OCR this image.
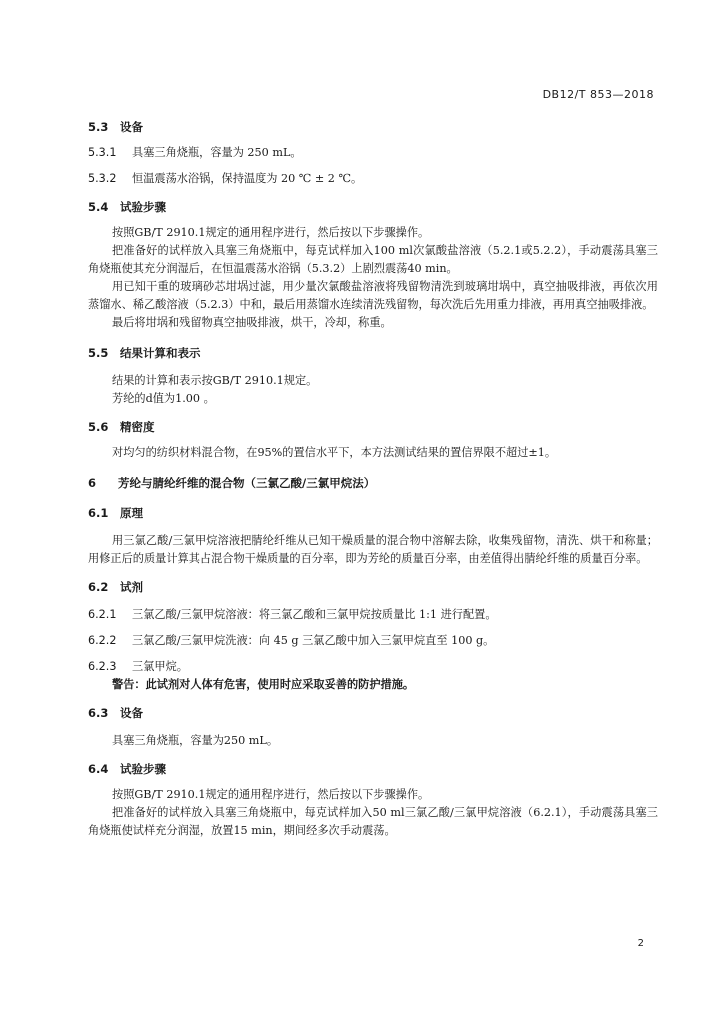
DB12/T 853—2018

5.3 设备

5.3.1 具塞三角烧瓶，容量为 250 mL。

5.3.2 恒温震荡水浴锅，保持温度为 20 ℃ ± 2 ℃。

5.4 试验步骤

按照GB/T 2910.1规定的通用程序进行，然后按以下步骤操作。

把准备好的试样放入具塞三角烧瓶中，每克试样加入100 ml次氯酸盐溶液（5.2.1或5.2.2），手动震荡具塞三角烧瓶使其充分润湿后，在恒温震荡水浴锅（5.3.2）上剧烈震荡40 min。

用已知干重的玻璃砂芯坩埚过滤，用少量次氯酸盐溶液将残留物清洗到玻璃坩埚中，真空抽吸排液，再依次用蒸馏水、稀乙酸溶液（5.2.3）中和，最后用蒸馏水连续清洗残留物，每次洗后先用重力排液，再用真空抽吸排液。

最后将坩埚和残留物真空抽吸排液，烘干，冷却，称重。

5.5 结果计算和表示

结果的计算和表示按GB/T 2910.1规定。

芳纶的d值为1.00 。

5.6 精密度

对均匀的纺织材料混合物，在95%的置信水平下，本方法测试结果的置信界限不超过±1。

6 芳纶与腈纶纤维的混合物（三氯乙酸/三氯甲烷法）

6.1 原理

用三氯乙酸/三氯甲烷溶液把腈纶纤维从已知干燥质量的混合物中溶解去除，收集残留物，清洗、烘干和称量；用修正后的质量计算其占混合物干燥质量的百分率，即为芳纶的质量百分率，由差值得出腈纶纤维的质量百分率。

6.2 试剂

6.2.1 三氯乙酸/三氯甲烷溶液：将三氯乙酸和三氯甲烷按质量比 1:1 进行配置。

6.2.2 三氯乙酸/三氯甲烷洗液：向 45 g 三氯乙酸中加入三氯甲烷直至 100 g。

6.2.3 三氯甲烷。

警告：此试剂对人体有危害，使用时应采取妥善的防护措施。

6.3 设备

具塞三角烧瓶，容量为250 mL。

6.4 试验步骤

按照GB/T 2910.1规定的通用程序进行，然后按以下步骤操作。

把准备好的试样放入具塞三角烧瓶中，每克试样加入50 ml三氯乙酸/三氯甲烷溶液（6.2.1），手动震荡具塞三角烧瓶使试样充分润湿，放置15 min，期间经多次手动震荡。

2
